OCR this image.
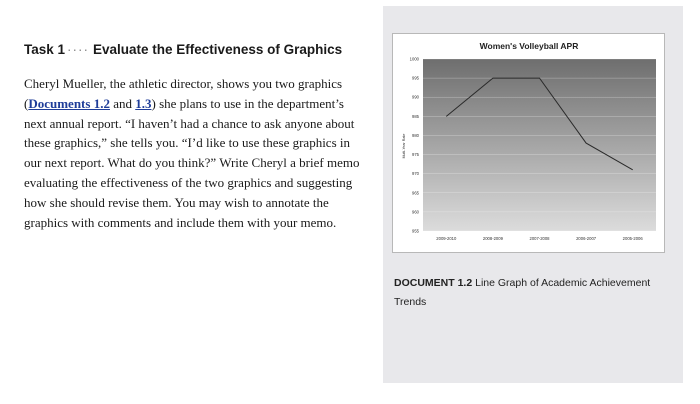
Task 1 ···· Evaluate the Effectiveness of Graphics

Cheryl Mueller, the athletic director, shows you two graphics (Documents 1.2 and 1.3) she plans to use in the department’s next annual report. “I haven’t had a chance to ask anyone about these graphics,” she tells you. “I’d like to use these graphics in our next report. What do you think?” Write Cheryl a brief memo evaluating the effectiveness of the two graphics and suggesting how she should revise them. You may wish to annotate the graphics with comments and include them with your memo.

Women's Volleyball APR
1000
995
990
985
980
975
970
965
960
955
2009-2010	2008-2009	2007-2008	2006-2007	2005-2006
Multi-Year Rate

DOCUMENT 1.2 Line Graph of Academic Achievement Trends
